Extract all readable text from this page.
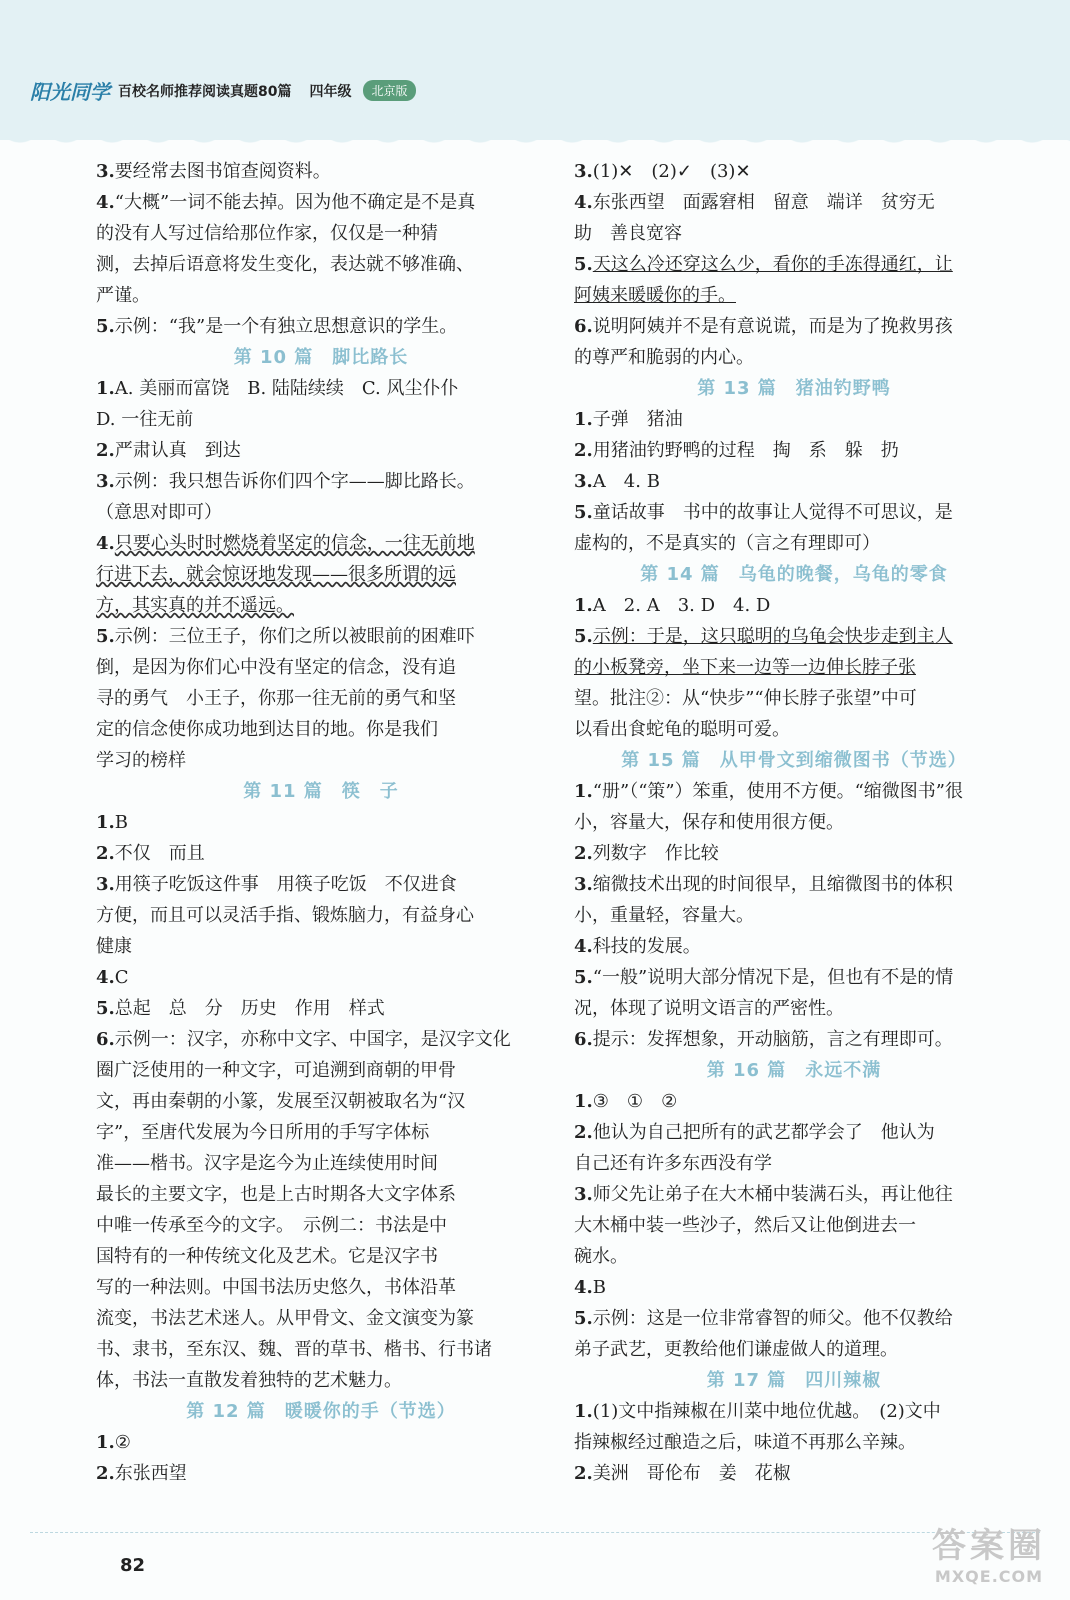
阳光同学 百校名师推荐阅读真题80篇 四年级	北京版
3.要经常去图书馆查阅资料。
4.“大概”一词不能去掉。因为他不确定是不是真
的没有人写过信给那位作家，仅仅是一种猜
测，去掉后语意将发生变化，表达就不够准确、
严谨。
5.示例：“我”是一个有独立思想意识的学生。
第 10 篇　脚比路长
1.A. 美丽而富饶　B. 陆陆续续　C. 风尘仆仆
D. 一往无前
2.严肃认真　到达
3.示例：我只想告诉你们四个字——脚比路长。
（意思对即可）
4.只要心头时时燃烧着坚定的信念，一往无前地
行进下去，就会惊讶地发现——很多所谓的远
方，其实真的并不遥远。
5.示例：三位王子，你们之所以被眼前的困难吓
倒，是因为你们心中没有坚定的信念，没有追
寻的勇气　小王子，你那一往无前的勇气和坚
定的信念使你成功地到达目的地。你是我们
学习的榜样
第 11 篇　筷　子
1.B
2.不仅　而且
3.用筷子吃饭这件事　用筷子吃饭　不仅进食
方便，而且可以灵活手指、锻炼脑力，有益身心
健康
4.C
5.总起　总　分　历史　作用　样式
6.示例一：汉字，亦称中文字、中国字，是汉字文化
圈广泛使用的一种文字，可追溯到商朝的甲骨
文，再由秦朝的小篆，发展至汉朝被取名为“汉
字”，至唐代发展为今日所用的手写字体标
准——楷书。汉字是迄今为止连续使用时间
最长的主要文字，也是上古时期各大文字体系
中唯一传承至今的文字。　示例二：书法是中
国特有的一种传统文化及艺术。它是汉字书
写的一种法则。中国书法历史悠久，书体沿革
流变，书法艺术迷人。从甲骨文、金文演变为篆
书、隶书，至东汉、魏、晋的草书、楷书、行书诸
体，书法一直散发着独特的艺术魅力。
第 12 篇　暖暖你的手（节选）
1.②
2.东张西望
3.(1)✕　(2)✓　(3)✕
4.东张西望　面露窘相　留意　端详　贫穷无
助　善良宽容
5.天这么冷还穿这么少，看你的手冻得通红，让
阿姨来暖暖你的手。
6.说明阿姨并不是有意说谎，而是为了挽救男孩
的尊严和脆弱的内心。
第 13 篇　猪油钓野鸭
1.子弹　猪油
2.用猪油钓野鸭的过程　掏　系　躲　扔
3.A　4. B
5.童话故事　书中的故事让人觉得不可思议，是
虚构的，不是真实的（言之有理即可）
第 14 篇　乌龟的晚餐，乌龟的零食
1.A　2. A　3. D　4. D
5.示例：于是，这只聪明的乌龟会快步走到主人
的小板凳旁，坐下来一边等一边伸长脖子张
望。批注②：从“快步”“伸长脖子张望”中可
以看出食蛇龟的聪明可爱。
第 15 篇　从甲骨文到缩微图书（节选）
1.“册”（“策”）笨重，使用不方便。“缩微图书”很
小，容量大，保存和使用很方便。
2.列数字　作比较
3.缩微技术出现的时间很早，且缩微图书的体积
小，重量轻，容量大。
4.科技的发展。
5.“一般”说明大部分情况下是，但也有不是的情
况，体现了说明文语言的严密性。
6.提示：发挥想象，开动脑筋，言之有理即可。
第 16 篇　永远不满
1.③　①　②
2.他认为自己把所有的武艺都学会了　他认为
自己还有许多东西没有学
3.师父先让弟子在大木桶中装满石头，再让他往
大木桶中装一些沙子，然后又让他倒进去一
碗水。
4.B
5.示例：这是一位非常睿智的师父。他不仅教给
弟子武艺，更教给他们谦虚做人的道理。
第 17 篇　四川辣椒
1.(1)文中指辣椒在川菜中地位优越。　(2)文中
指辣椒经过酿造之后，味道不再那么辛辣。
2.美洲　哥伦布　姜　花椒
82	答案圈
MXQE.COM
